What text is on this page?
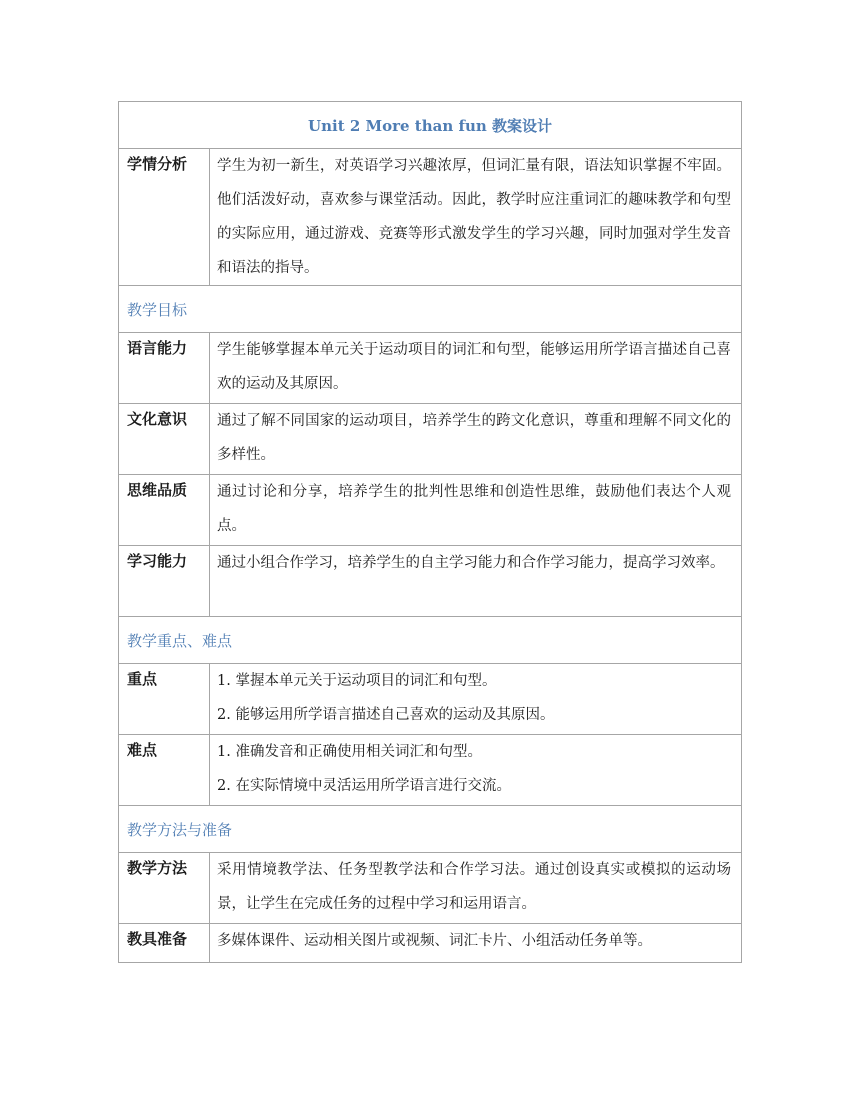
Unit 2 More than fun 教案设计	
学情分析	学生为初一新生，对英语学习兴趣浓厚，但词汇量有限，语法知识掌握不牢固。他们活泼好动，喜欢参与课堂活动。因此，教学时应注重词汇的趣味教学和句型的实际应用，通过游戏、竞赛等形式激发学生的学习兴趣，同时加强对学生发音和语法的指导。

教学目标	
语言能力	学生能够掌握本单元关于运动项目的词汇和句型，能够运用所学语言描述自己喜欢的运动及其原因。

文化意识	通过了解不同国家的运动项目，培养学生的跨文化意识，尊重和理解不同文化的多样性。

思维品质	通过讨论和分享，培养学生的批判性思维和创造性思维，鼓励他们表达个人观点。

学习能力	通过小组合作学习，培养学生的自主学习能力和合作学习能力，提高学习效率。

教学重点、难点	
重点	1. 掌握本单元关于运动项目的词汇和句型。

2. 能够运用所学语言描述自己喜欢的运动及其原因。

难点	1. 准确发音和正确使用相关词汇和句型。

2. 在实际情境中灵活运用所学语言进行交流。

教学方法与准备	
教学方法	采用情境教学法、任务型教学法和合作学习法。通过创设真实或模拟的运动场景，让学生在完成任务的过程中学习和运用语言。

教具准备	多媒体课件、运动相关图片或视频、词汇卡片、小组活动任务单等。
